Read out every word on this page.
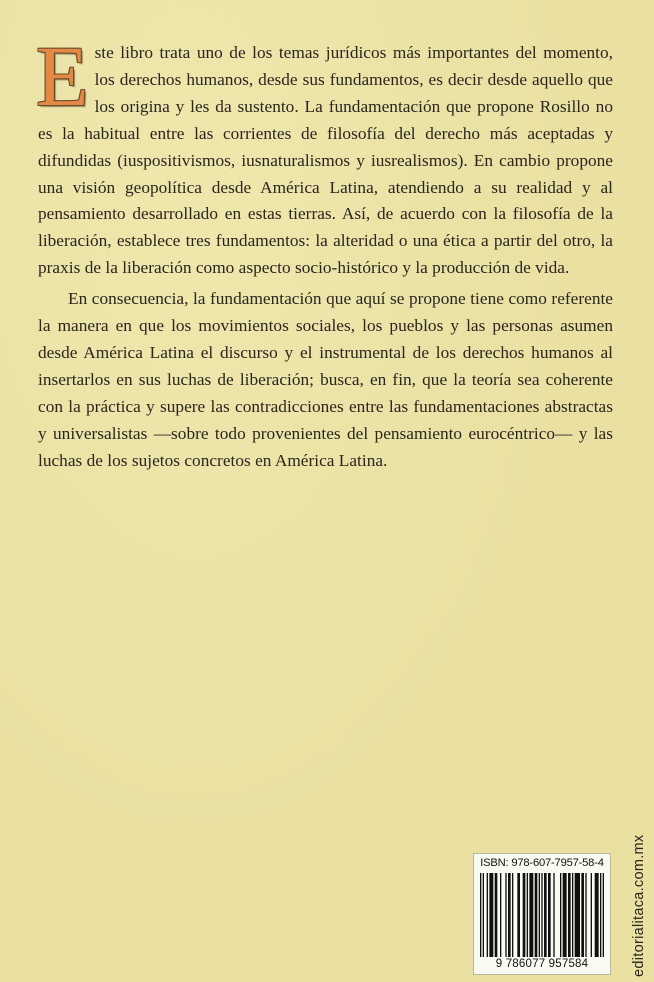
Este libro trata uno de los temas jurídicos más importantes del momento, los derechos humanos, desde sus fundamentos, es decir desde aquello que los origina y les da sustento. La fundamentación que propone Rosillo no es la habitual entre las corrientes de filosofía del derecho más aceptadas y difundidas (iuspositivismos, iusnaturalismos y iusrealismos). En cambio propone una visión geopolítica desde América Latina, atendiendo a su realidad y al pensamiento desarrollado en estas tierras. Así, de acuerdo con la filosofía de la liberación, establece tres fundamentos: la alteridad o una ética a partir del otro, la praxis de la liberación como aspecto socio-histórico y la producción de vida.

En consecuencia, la fundamentación que aquí se propone tiene como referente la manera en que los movimientos sociales, los pueblos y las personas asumen desde América Latina el discurso y el instrumental de los derechos humanos al insertarlos en sus luchas de liberación; busca, en fin, que la teoría sea coherente con la práctica y supere las contradicciones entre las fundamentaciones abstractas y universalistas —sobre todo provenientes del pensamiento eurocéntrico— y las luchas de los sujetos concretos en América Latina.

ISBN: 978-607-7957-58-4
9 786077 957584	editorialitaca.com.mx
